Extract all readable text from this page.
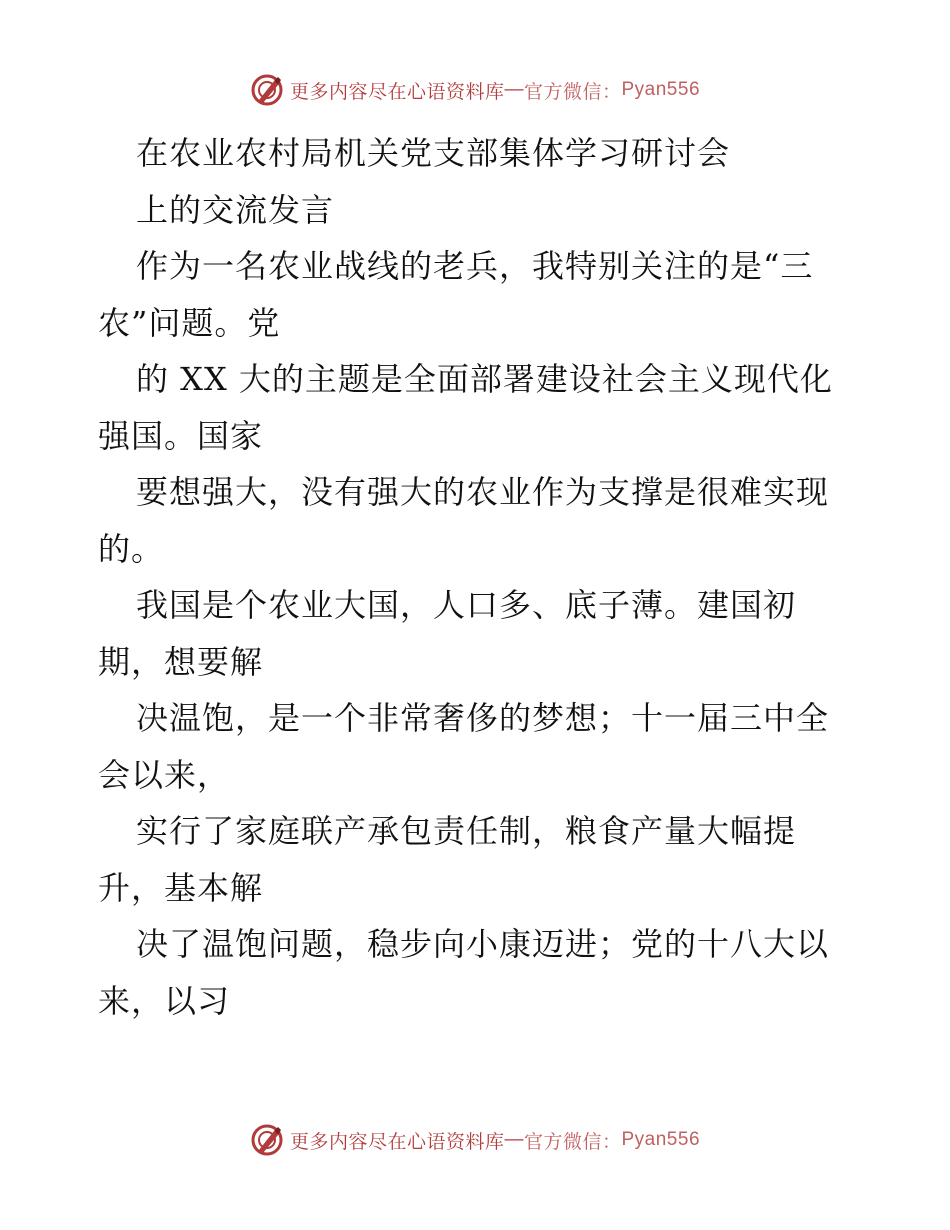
更多内容尽在心语资料库 — 官方微信： Pyan556

在农业农村局机关党支部集体学习研讨会

上的交流发言

作为一名农业战线的老兵，我特别关注的是“三

农”问题。党

的 XX 大的主题是全面部署建设社会主义现代化

强国。国家

要想强大，没有强大的农业作为支撑是很难实现

的。

我国是个农业大国，人口多、底子薄。建国初

期，想要解

决温饱，是一个非常奢侈的梦想；十一届三中全

会以来，

实行了家庭联产承包责任制，粮食产量大幅提

升，基本解

决了温饱问题，稳步向小康迈进；党的十八大以

来，以习

更多内容尽在心语资料库 — 官方微信： Pyan556
